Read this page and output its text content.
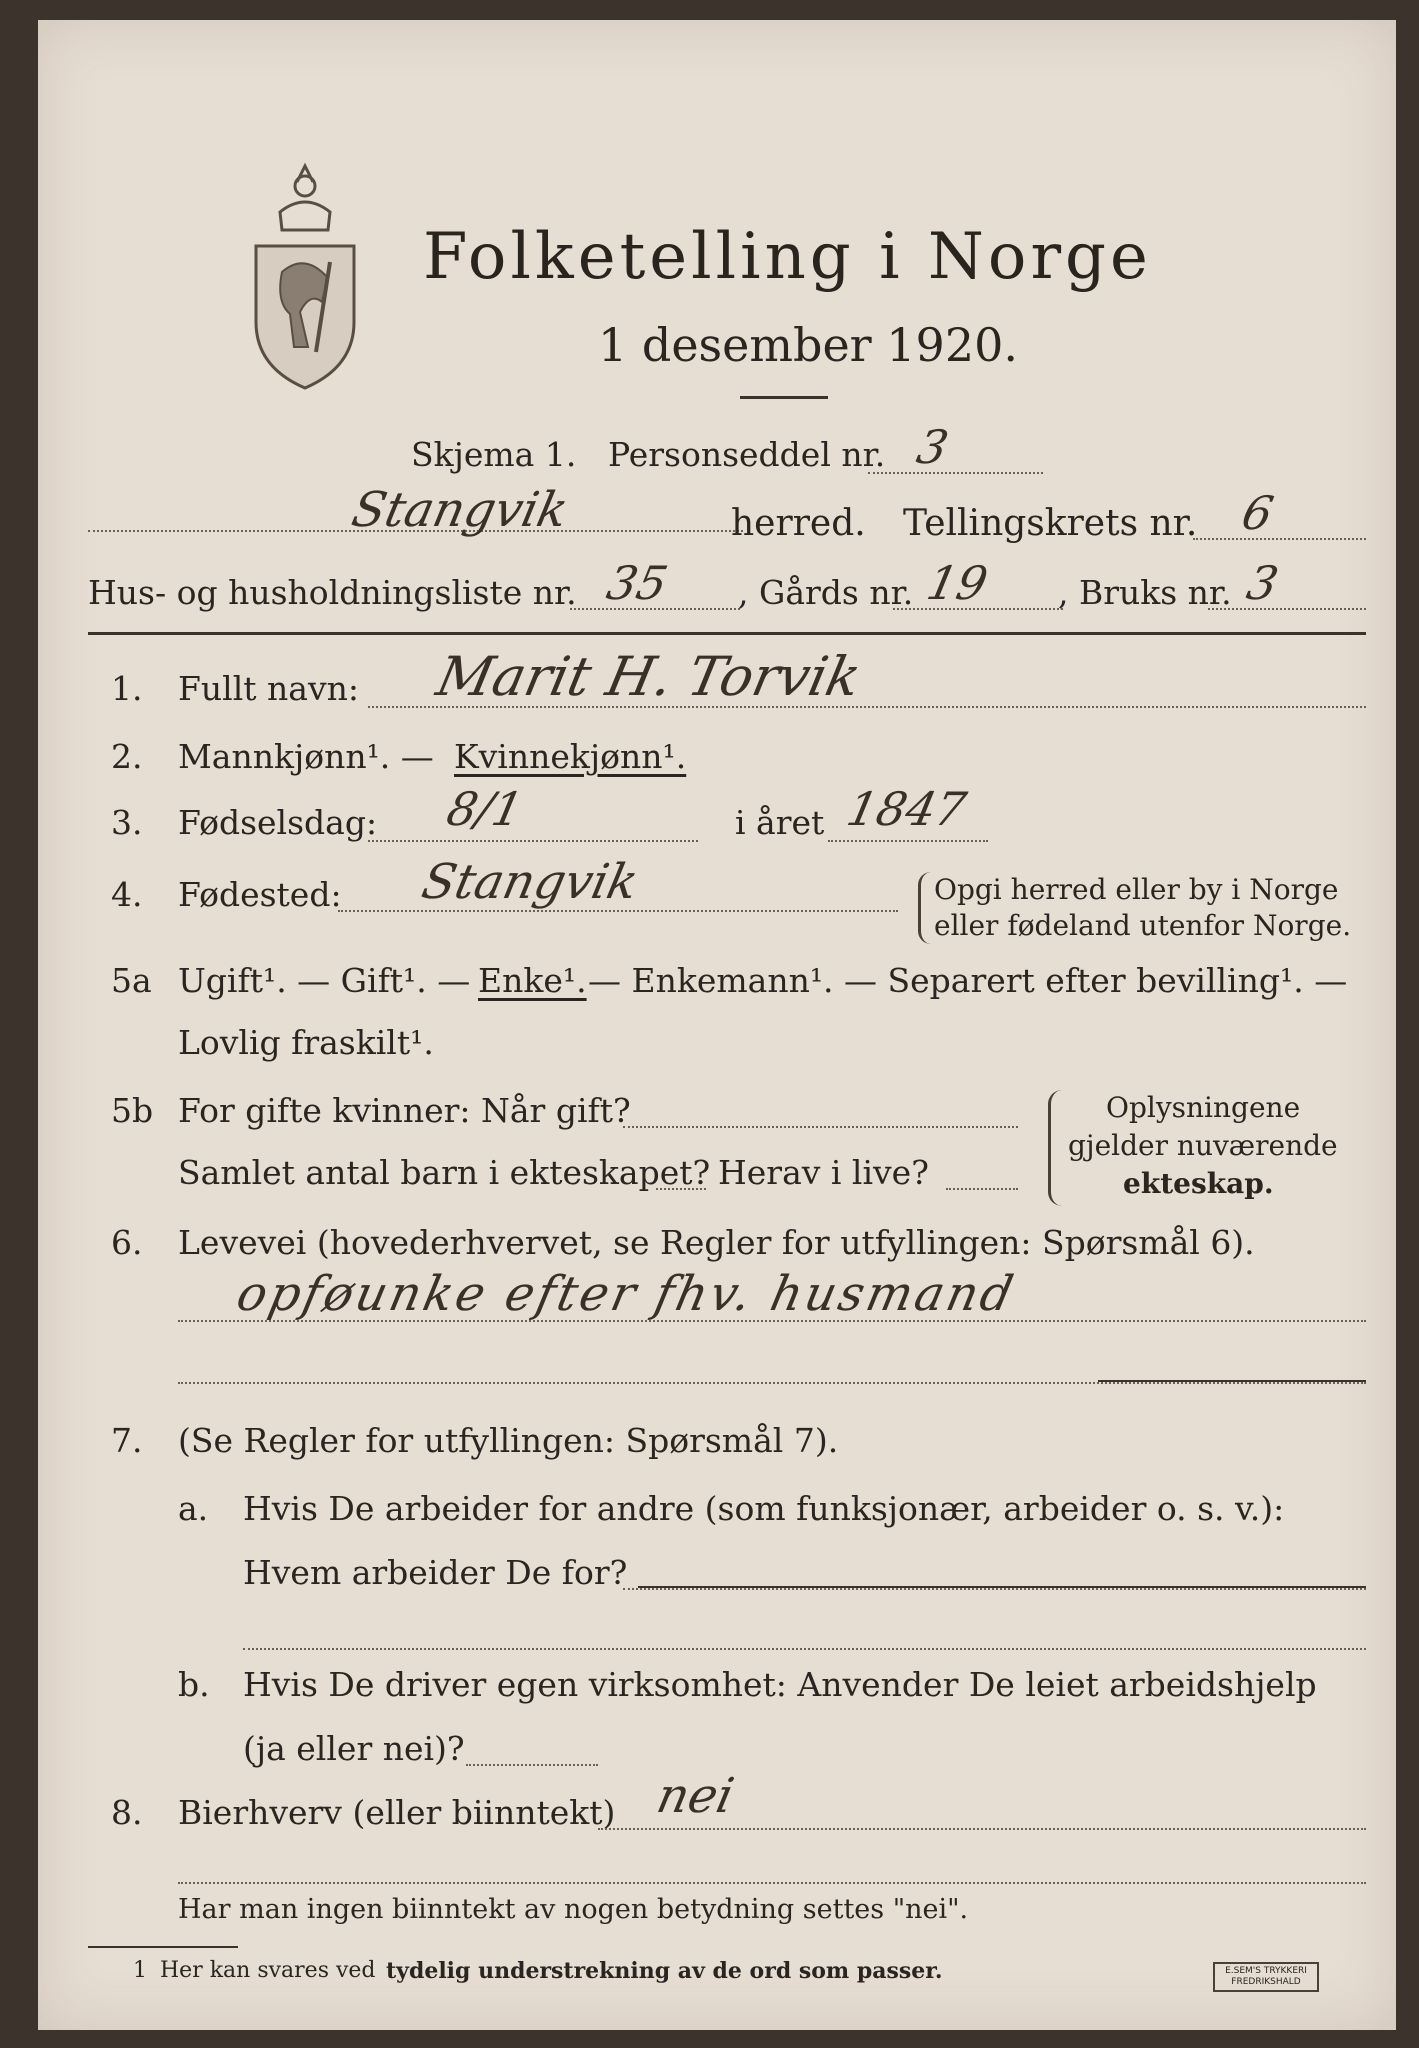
Folketelling i Norge
1 desember 1920.
Skjema 1. Personseddel nr. 3
Stangvik	herred. Tellingskrets nr. 6
Hus- og husholdningsliste nr. 35 , Gårds nr. 19 , Bruks nr. 3
1. Fullt navn: Marit H. Torvik
2. Mannkjønn¹. — Kvinnekjønn¹.
3. Fødselsdag: 8/1	i året 1847
4. Fødested: Stangvik	Opgi herred eller by i Norge
eller fødeland utenfor Norge.
5a Ugift¹. — Gift¹. — Enke¹. — Enkemann¹. — Separert efter bevilling¹. —
Lovlig fraskilt¹.
5b For gifte kvinner: Når gift?
Samlet antal barn i ekteskapet? Herav i live?
Oplysningene
gjelder nuværende
ekteskap.
6. Levevei (hovederhvervet, se Regler for utfyllingen: Spørsmål 6).
opføunke efter fhv. husmand
7. (Se Regler for utfyllingen: Spørsmål 7).
a. Hvis De arbeider for andre (som funksjonær, arbeider o. s. v.):
Hvem arbeider De for?
b. Hvis De driver egen virksomhet: Anvender De leiet arbeidshjelp
(ja eller nei)?
8. Bierhverv (eller biinntekt) nei
Har man ingen biinntekt av nogen betydning settes "nei".
1 Her kan svares ved tydelig understrekning av de ord som passer.	E.SEM'S TRYKKERI FREDRIKSHALD
